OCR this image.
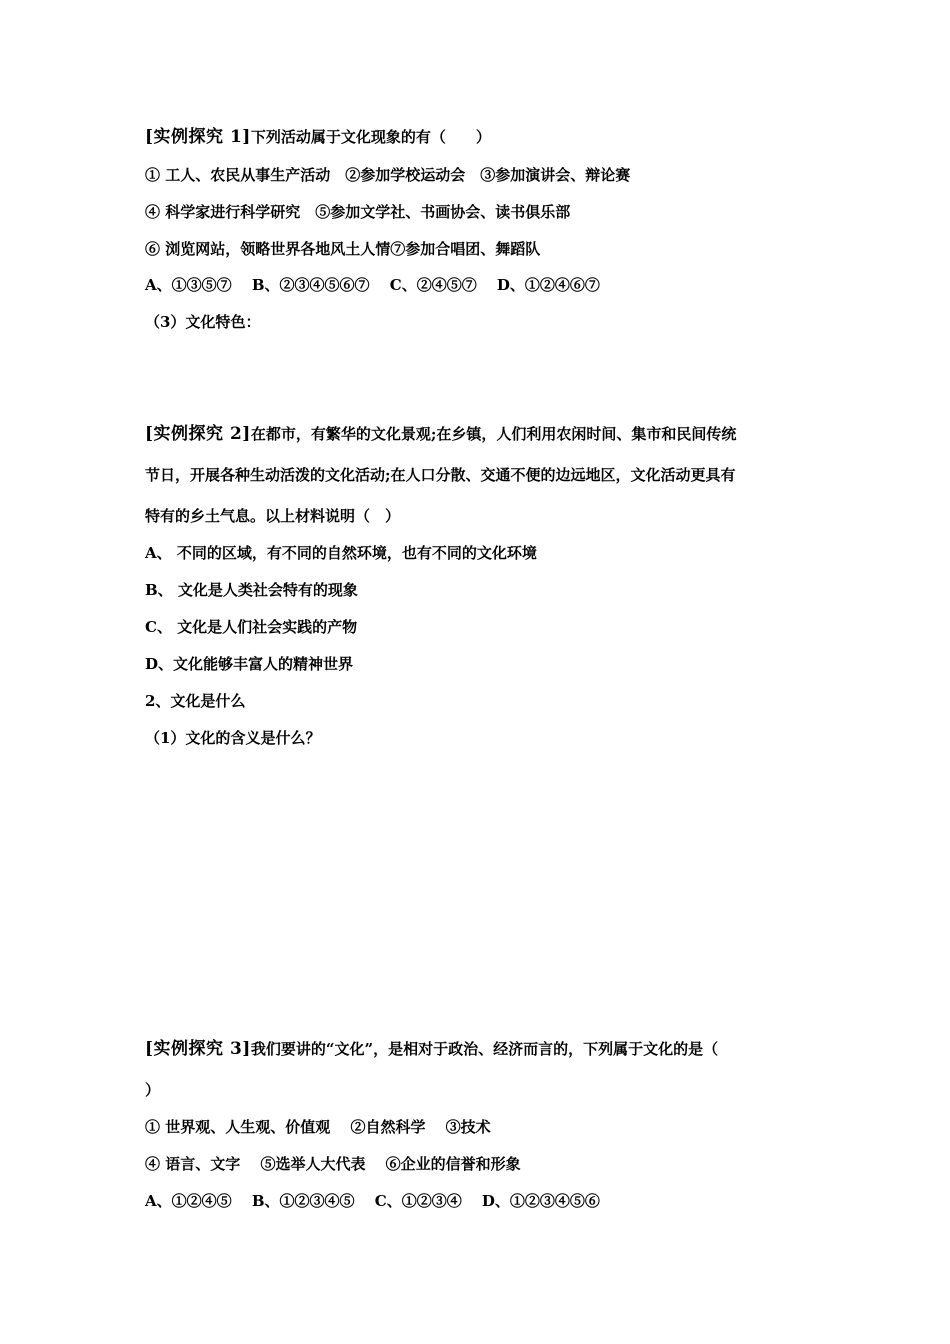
[实例探究 1]下列活动属于文化现象的有（　　）
① 工人、农民从事生产活动　②参加学校运动会　③参加演讲会、辩论赛
④ 科学家进行科学研究　⑤参加文学社、书画协会、读书俱乐部
⑥ 浏览网站，领略世界各地风土人情⑦参加合唱团、舞蹈队
A、①③⑤⑦　 B、②③④⑤⑥⑦　 C、②④⑤⑦　 D、①②④⑥⑦
（3）文化特色：
[实例探究 2]在都市，有繁华的文化景观;在乡镇，人们利用农闲时间、集市和民间传统
节日，开展各种生动活泼的文化活动;在人口分散、交通不便的边远地区，文化活动更具有
特有的乡土气息。以上材料说明（　）
A、 不同的区域，有不同的自然环境，也有不同的文化环境
B、 文化是人类社会特有的现象
C、 文化是人们社会实践的产物
D、文化能够丰富人的精神世界
2、文化是什么
（1）文化的含义是什么？
[实例探究 3]我们要讲的“文化”，是相对于政治、经济而言的，下列属于文化的是（
）
① 世界观、人生观、价值观　 ②自然科学　 ③技术
④ 语言、文字　 ⑤选举人大代表　 ⑥企业的信誉和形象
A、①②④⑤　 B、①②③④⑤　 C、①②③④　 D、①②③④⑤⑥
